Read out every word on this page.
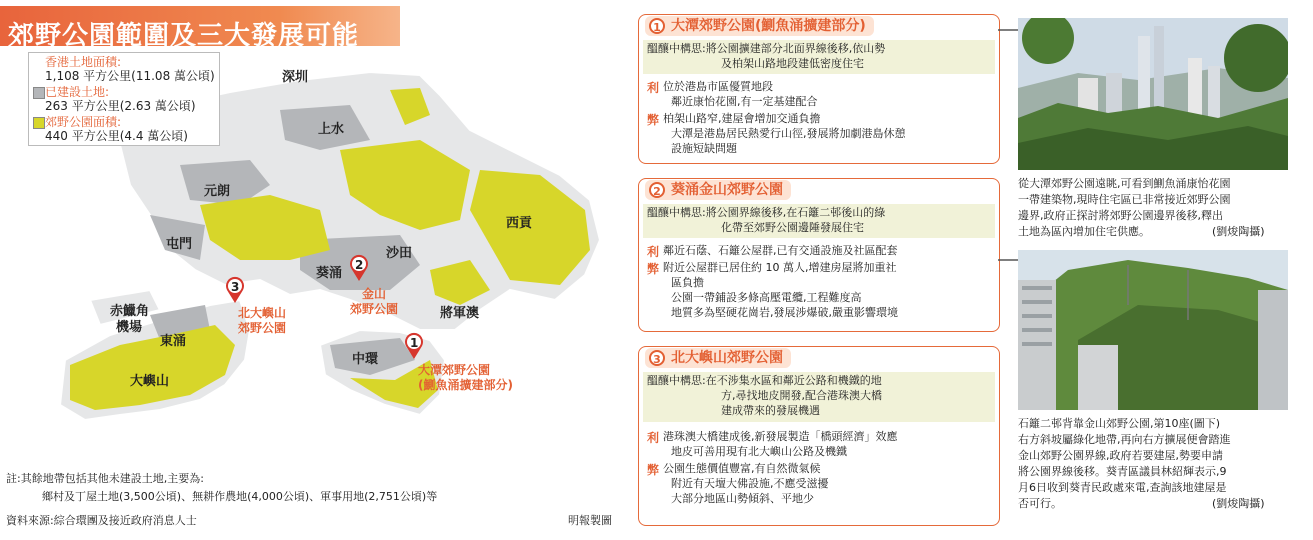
郊野公園範圍及三大發展可能
香港土地面積:
1,108 平方公里(11.08 萬公頃)
已建設土地:
263 平方公里(2.63 萬公頃)
郊野公園面積:
440 平方公里(4.4 萬公頃)
深圳
上水
元朗
屯門
西貢
沙田
葵涌
將軍澳
赤鱲角
機場
東涌
大嶼山
中環
1
2
3
大潭郊野公園
(鰂魚涌擴建部分)
金山
郊野公園
北大嶼山
郊野公園
註:其餘地帶包括其他未建設土地,主要為:
鄉村及丁屋土地(3,500公頃)、無耕作農地(4,000公頃)、軍事用地(2,751公頃)等
資料來源:綜合環團及接近政府消息人士	明報製圖
1 大潭郊野公園(鰂魚涌擴建部分)
醞釀中構思:將公園擴建部分北面界線後移,依山勢
及柏架山路地段建低密度住宅
利 位於港島市區優質地段
鄰近康怡花園,有一定基建配合
弊 柏架山路窄,建屋會增加交通負擔
大潭是港島居民熱愛行山徑,發展將加劇港島休憩
設施短缺問題
2 葵涌金山郊野公園
醞釀中構思:將公園界線後移,在石籬二邨後山的綠
化帶至郊野公園邊陲發展住宅
利 鄰近石蔭、石籬公屋群,已有交通設施及社區配套
弊 附近公屋群已居住約 10 萬人,增建房屋將加重社
區負擔
公園一帶鋪設多條高壓電纜,工程難度高
地質多為堅硬花崗岩,發展涉爆破,嚴重影響環境
3 北大嶼山郊野公園
醞釀中構思:在不涉集水區和鄰近公路和機鐵的地
方,尋找地皮開發,配合港珠澳大橋
建成帶來的發展機遇
利 港珠澳大橋建成後,新發展製造「橋頭經濟」效應
地皮可善用現有北大嶼山公路及機鐵
弊 公園生態價值豐富,有自然微氣候
附近有天壇大佛設施,不應受滋擾
大部分地區山勢傾斜、平地少
從大潭郊野公園遠眺,可看到鰂魚涌康怡花園
一帶建築物,現時住宅區已非常接近郊野公園
邊界,政府正探討將郊野公園邊界後移,釋出
土地為區內增加住宅供應。	(劉焌陶攝)
石籬二邨背靠金山郊野公園,第10座(圖下)
右方斜坡屬綠化地帶,再向右方擴展便會踏進
金山郊野公園界線,政府若要建屋,勢要申請
將公園界線後移。葵青區議員林紹輝表示,9
月6日收到葵青民政處來電,查詢該地建屋是
否可行。	(劉焌陶攝)
